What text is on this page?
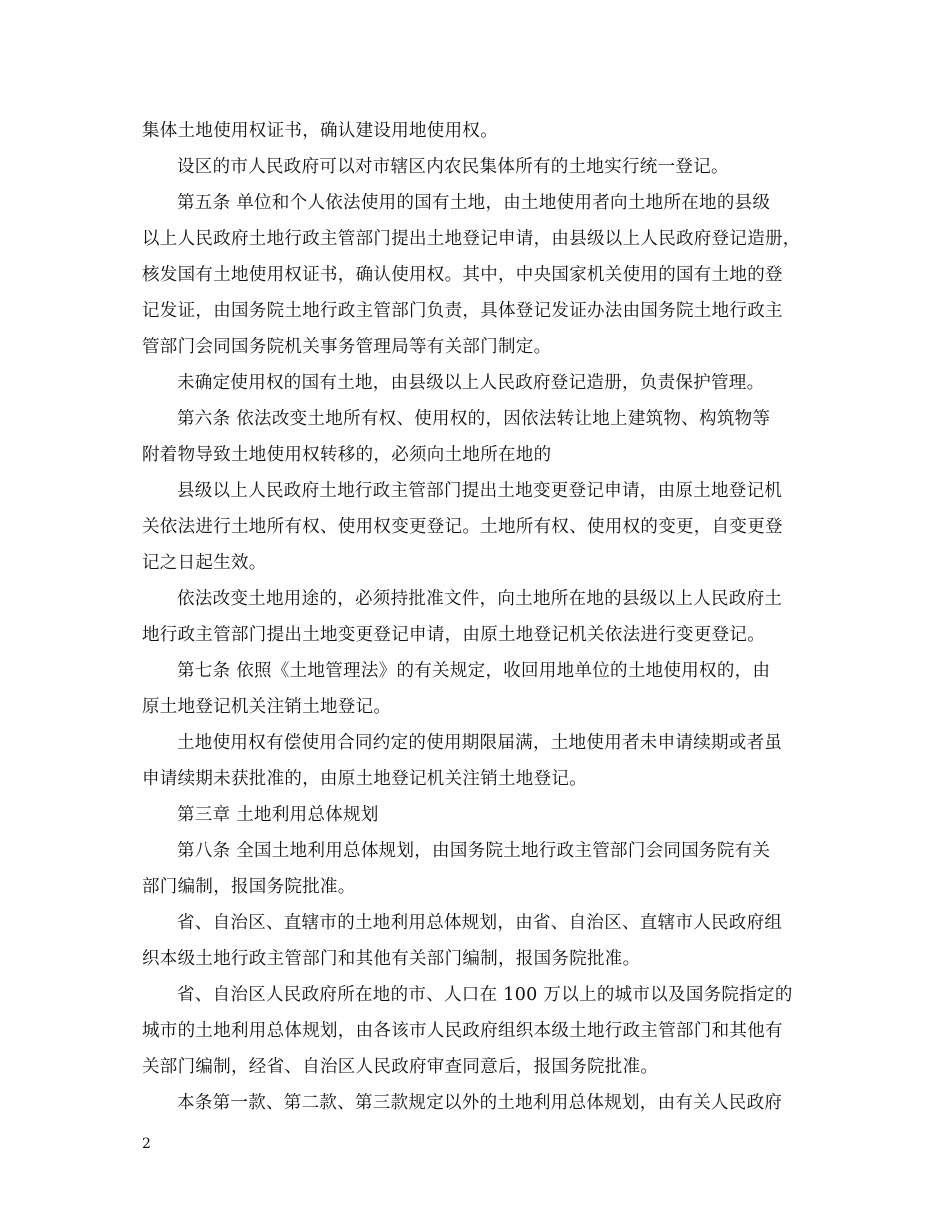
集体土地使用权证书，确认建设用地使用权。
设区的市人民政府可以对市辖区内农民集体所有的土地实行统一登记。
第五条 单位和个人依法使用的国有土地，由土地使用者向土地所在地的县级
以上人民政府土地行政主管部门提出土地登记申请，由县级以上人民政府登记造册，
核发国有土地使用权证书，确认使用权。其中，中央国家机关使用的国有土地的登
记发证，由国务院土地行政主管部门负责，具体登记发证办法由国务院土地行政主
管部门会同国务院机关事务管理局等有关部门制定。
未确定使用权的国有土地，由县级以上人民政府登记造册，负责保护管理。
第六条 依法改变土地所有权、使用权的，因依法转让地上建筑物、构筑物等
附着物导致土地使用权转移的，必须向土地所在地的
县级以上人民政府土地行政主管部门提出土地变更登记申请，由原土地登记机
关依法进行土地所有权、使用权变更登记。土地所有权、使用权的变更，自变更登
记之日起生效。
依法改变土地用途的，必须持批准文件，向土地所在地的县级以上人民政府土
地行政主管部门提出土地变更登记申请，由原土地登记机关依法进行变更登记。
第七条 依照《土地管理法》的有关规定，收回用地单位的土地使用权的，由
原土地登记机关注销土地登记。
土地使用权有偿使用合同约定的使用期限届满，土地使用者未申请续期或者虽
申请续期未获批准的，由原土地登记机关注销土地登记。
第三章 土地利用总体规划
第八条 全国土地利用总体规划，由国务院土地行政主管部门会同国务院有关
部门编制，报国务院批准。
省、自治区、直辖市的土地利用总体规划，由省、自治区、直辖市人民政府组
织本级土地行政主管部门和其他有关部门编制，报国务院批准。
省、自治区人民政府所在地的市、人口在 100 万以上的城市以及国务院指定的
城市的土地利用总体规划，由各该市人民政府组织本级土地行政主管部门和其他有
关部门编制，经省、自治区人民政府审查同意后，报国务院批准。
本条第一款、第二款、第三款规定以外的土地利用总体规划，由有关人民政府
2
